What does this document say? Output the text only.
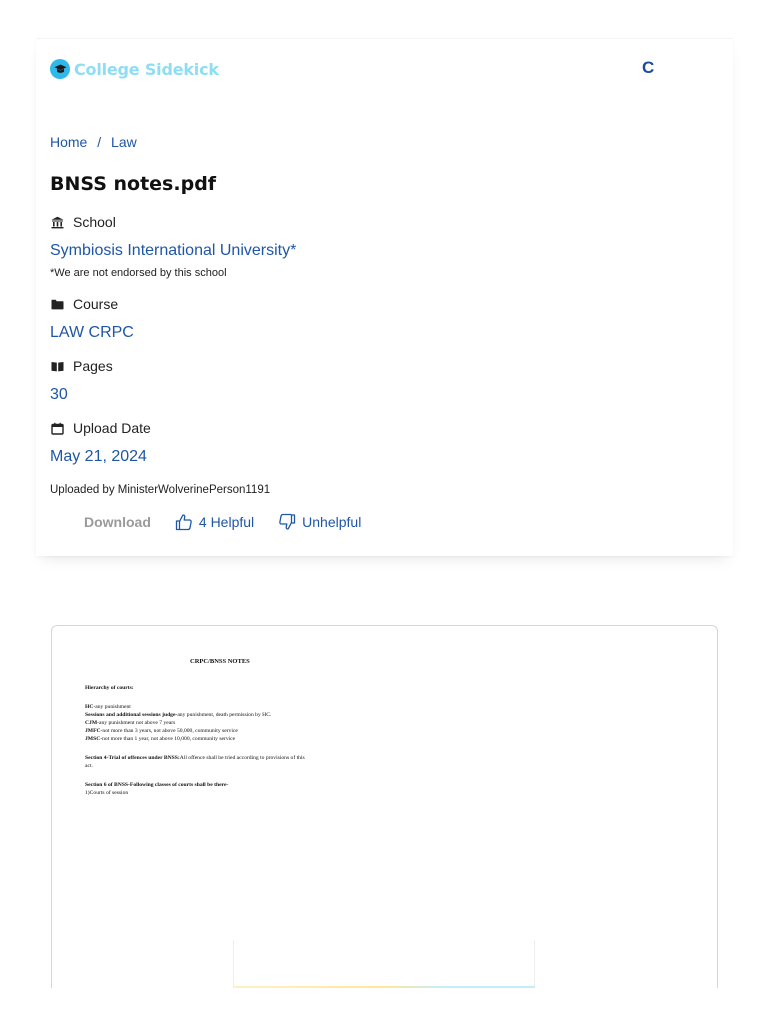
College Sidekick	C
Home / Law
BNSS notes.pdf
School
Symbiosis International University*
*We are not endorsed by this school
Course
LAW CRPC
Pages
30
Upload Date
May 21, 2024
Uploaded by MinisterWolverinePerson1191
Download	4 Helpful	Unhelpful
CRPC/BNSS NOTES
Hierarchy of courts:
HC-any punishment
Sessions and additional sessions judge-any punishment, death permission by HC.
CJM-any punishment not above 7 years
JMFC-not more than 3 years, not above 50,000, community service
JMSC-not more than 1 year, not above 10,000, community service
Section 4-Trial of offences under BNSS:All offence shall be tried according to provisions of this
act.
Section 6 of BNSS-Following classes of courts shall be there-
1)Courts of session
